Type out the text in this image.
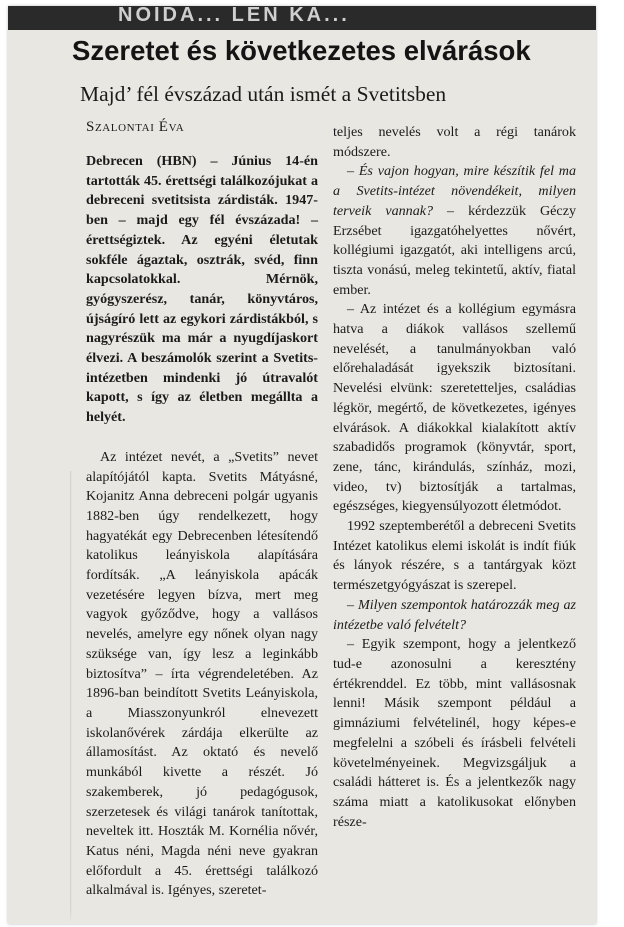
NOIDA... LEN KA...
Szeretet és következetes elvárások
Majd’ fél évszázad után ismét a Svetitsben
Szalontai Éva

Debrecen (HBN) – Június 14-én tartották 45. érettségi találkozójukat a debreceni svetitsista zárdisták. 1947-ben – majd egy fél évszázada! – érettségiztek. Az egyéni életutak sokféle ágaztak, osztrák, svéd, finn kapcsolatokkal. Mérnök, gyógyszerész, tanár, könyvtáros, újságíró lett az egykori zárdistákból, s nagyrészük ma már a nyugdíjaskort élvezi. A beszámolók szerint a Svetits-intézetben mindenki jó útravalót kapott, s így az életben megállta a helyét.

Az intézet nevét, a „Svetits” nevet alapítójától kapta. Svetits Mátyásné, Kojanitz Anna debreceni polgár ugyanis 1882-ben úgy rendelkezett, hogy hagyatékát egy Debrecenben létesítendő katolikus leányiskola alapítására fordítsák. „A leányiskola apácák vezetésére legyen bízva, mert meg vagyok győződve, hogy a vallásos nevelés, amelyre egy nőnek olyan nagy szüksége van, így lesz a leginkább biztosítva” – írta végrendeletében. Az 1896-ban beindított Svetits Leányiskola, a Miasszonyunkról elnevezett iskolanővérek zárdája elkerülte az államosítást. Az oktató és nevelő munkából kivette a részét. Jó szakemberek, jó pedagógusok, szerzetesek és világi tanárok tanítottak, neveltek itt. Hoszták M. Kornélia nővér, Katus néni, Magda néni neve gyakran előfordult a 45. érettségi találkozó alkalmával is. Igényes, szeretet-

teljes nevelés volt a régi tanárok módszere.

– És vajon hogyan, mire készítik fel ma a Svetits-intézet növendékeit, milyen terveik vannak? – kérdezzük Géczy Erzsébet igazgatóhelyettes nővért, kollégiumi igazgatót, aki intelligens arcú, tiszta vonású, meleg tekintetű, aktív, fiatal ember.

– Az intézet és a kollégium egymásra hatva a diákok vallásos szellemű nevelését, a tanulmányokban való előrehaladását igyekszik biztosítani. Nevelési elvünk: szeretetteljes, családias légkör, megértő, de következetes, igényes elvárások. A diákokkal kialakított aktív szabadidős programok (könyvtár, sport, zene, tánc, kirándulás, színház, mozi, video, tv) biztosítják a tartalmas, egészséges, kiegyensúlyozott életmódot.

1992 szeptemberétől a debreceni Svetits Intézet katolikus elemi iskolát is indít fiúk és lányok részére, s a tantárgyak közt természetgyógyászat is szerepel.

– Milyen szempontok határozzák meg az intézetbe való felvételt?

– Egyik szempont, hogy a jelentkező tud-e azonosulni a keresztény értékrenddel. Ez több, mint vallásosnak lenni! Másik szempont például a gimnáziumi felvételinél, hogy képes-e megfelelni a szóbeli és írásbeli felvételi követelményeinek. Megvizsgáljuk a családi hátteret is. És a jelentkezők nagy száma miatt a katolikusokat előnyben része-
